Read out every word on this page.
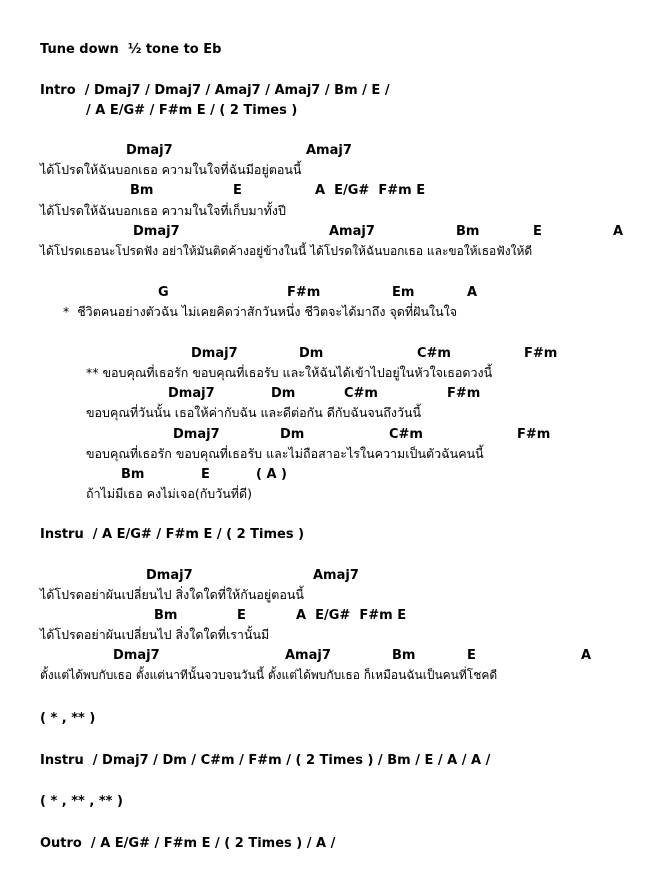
Tune down  ½ tone to Eb
Intro  / Dmaj7 / Dmaj7 / Amaj7 / Amaj7 / Bm / E /
/ A E/G# / F#m E / ( 2 Times )

Dmaj7

	Amaj7

ได้โปรดให้ฉันบอกเธอ ความในใจที่ฉันมีอยู่ตอนนี้

Bm

	E

	A  E/G#  F#m E

ได้โปรดให้ฉันบอกเธอ ความในใจที่เก็บมาทั้งปี

Dmaj7

	Amaj7

	Bm

	E

	A

ได้โปรดเธอนะโปรดฟัง อย่าให้มันติดค้างอยู่ข้างในนี้ ได้โปรดให้ฉันบอกเธอ และขอให้เธอฟังให้ดี

G

	F#m

	Em

	A

*  ชีวิตคนอย่างตัวฉัน ไม่เคยคิดว่าสักวันหนึ่ง ชีวิตจะได้มาถึง จุดที่ฝันในใจ

Dmaj7

	Dm

	C#m

	F#m

** ขอบคุณที่เธอรัก ขอบคุณที่เธอรับ และให้ฉันได้เข้าไปอยู่ในหัวใจเธอดวงนี้

Dmaj7

	Dm

	C#m

	F#m

ขอบคุณที่วันนั้น เธอให้ค่ากับฉัน และดีต่อกัน ดีกับฉันจนถึงวันนี้

Dmaj7

	Dm

	C#m

	F#m

ขอบคุณที่เธอรัก ขอบคุณที่เธอรับ และไม่ถือสาอะไรในความเป็นตัวฉันคนนี้

Bm

	E

	( A )

ถ้าไม่มีเธอ คงไม่เจอ(กับวันที่ดี)
Instru  / A E/G# / F#m E / ( 2 Times )

Dmaj7

	Amaj7

ได้โปรดอย่าผันเปลี่ยนไป สิ่งใดใดที่ให้กันอยู่ตอนนี้

Bm

	E

	A  E/G#  F#m E

ได้โปรดอย่าผันเปลี่ยนไป สิ่งใดใดที่เรานั้นมี

Dmaj7

	Amaj7

	Bm

	E

	A

ตั้งแต่ได้พบกับเธอ ตั้งแต่นาทีนั้นจวบจนวันนี้ ตั้งแต่ได้พบกับเธอ ก็เหมือนฉันเป็นคนที่โชคดี
( * , ** )
Instru  / Dmaj7 / Dm / C#m / F#m / ( 2 Times ) / Bm / E / A / A /
( * , ** , ** )
Outro  / A E/G# / F#m E / ( 2 Times ) / A /
